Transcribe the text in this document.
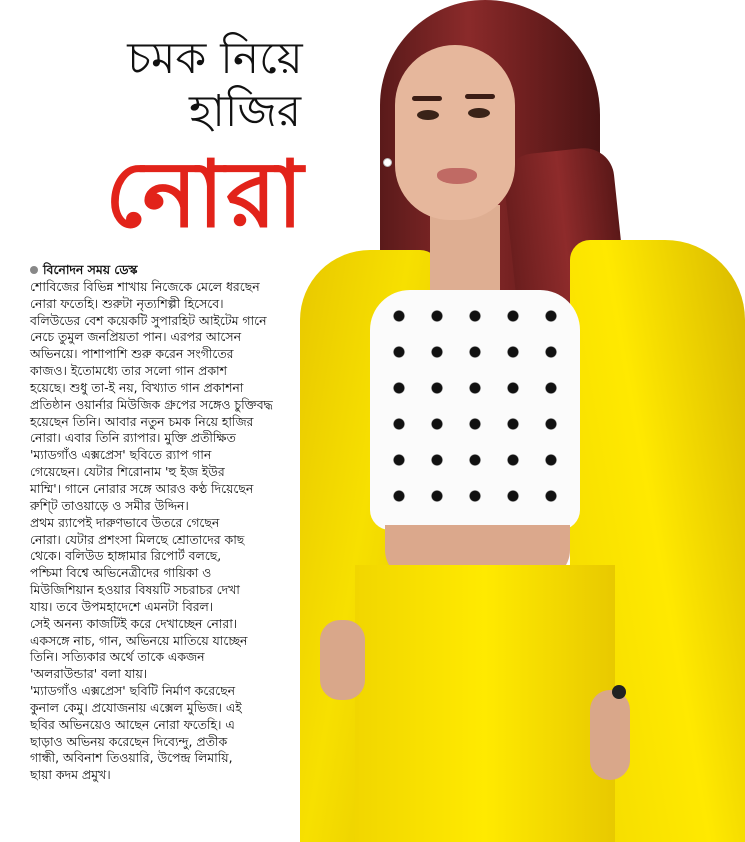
চমক নিয়ে
হাজির
নোরা
বিনোদন সময় ডেস্ক
শোবিজের বিভিন্ন শাখায় নিজেকে মেলে ধরছেন
নোরা ফতেহি। শুরুটা নৃত্যশিল্পী হিসেবে।
বলিউডের বেশ কয়েকটি সুপারহিট আইটেম গানে
নেচে তুমুল জনপ্রিয়তা পান। এরপর আসেন
অভিনয়ে। পাশাপাশি শুরু করেন সংগীতের
কাজও। ইতোমধ্যে তার সলো গান প্রকাশ
হয়েছে। শুধু তা-ই নয়, বিখ্যাত গান প্রকাশনা
প্রতিষ্ঠান ওয়ার্নার মিউজিক গ্রুপের সঙ্গেও চুক্তিবদ্ধ
হয়েছেন তিনি। আবার নতুন চমক নিয়ে হাজির
নোরা। এবার তিনি র‍্যাপার। মুক্তি প্রতীক্ষিত
'ম্যাডগাঁও এক্সপ্রেস' ছবিতে র‍্যাপ গান
গেয়েছেন। যেটার শিরোনাম 'হু ইজ ইউর
মাম্মি'। গানে নোরার সঙ্গে আরও কণ্ঠ দিয়েছেন
রুশ্টি তাওয়াড়ে ও সমীর উদ্দিন।
প্রথম র‍্যাপেই দারুণভাবে উতরে গেছেন
নোরা। যেটার প্রশংসা মিলছে শ্রোতাদের কাছ
থেকে। বলিউড হাঙ্গামার রিপোর্ট বলছে,
পশ্চিমা বিশ্বে অভিনেত্রীদের গায়িকা ও
মিউজিশিয়ান হওয়ার বিষয়টি সচরাচর দেখা
যায়। তবে উপমহাদেশে এমনটা বিরল।
সেই অনন্য কাজটিই করে দেখাচ্ছেন নোরা।
একসঙ্গে নাচ, গান, অভিনয়ে মাতিয়ে যাচ্ছেন
তিনি। সত্যিকার অর্থে তাকে একজন
'অলরাউন্ডার' বলা যায়।
'ম্যাডগাঁও এক্সপ্রেস' ছবিটি নির্মাণ করেছেন
কুনাল কেমু। প্রযোজনায় এক্সেল মুভিজ। এই
ছবির অভিনয়েও আছেন নোরা ফতেহি। এ
ছাড়াও অভিনয় করেছেন দিব্যেন্দু, প্রতীক
গান্ধী, অবিনাশ তিওয়ারি, উপেন্দ্র লিমায়ি,
ছায়া কদম প্রমুখ।
